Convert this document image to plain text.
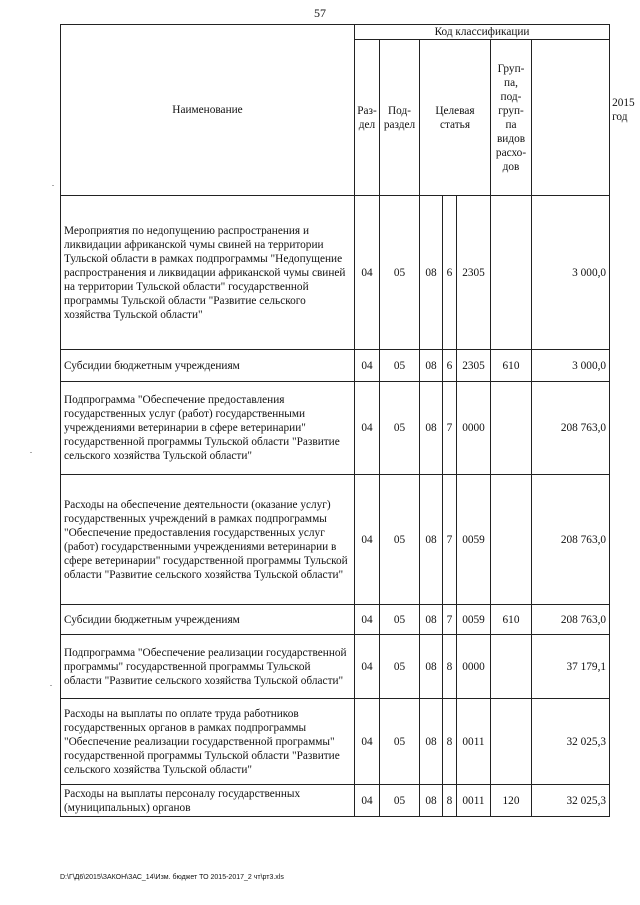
57
Наименование	Код классификации							2015 год
	Раз-дел	Под-раздел	Целевая статья			Груп-па, под-груп-па видов расхо-дов		
Мероприятия по недопущению распространения и ликвидации африканской чумы свиней на территории Тульской области в рамках подпрограммы "Недопущение распространения и ликвидации африканской чумы свиней на территории Тульской области" государственной программы Тульской области "Развитие сельского хозяйства Тульской области"	04	05	08	6	2305		3 000,0	
Субсидии бюджетным учреждениям	04	05	08	6	2305	610	3 000,0	
Подпрограмма "Обеспечение предоставления государственных услуг (работ) государственными учреждениями ветеринарии в сфере ветеринарии" государственной программы Тульской области "Развитие сельского хозяйства Тульской области"	04	05	08	7	0000		208 763,0	
Расходы на обеспечение деятельности (оказание услуг) государственных учреждений в рамках подпрограммы "Обеспечение предоставления государственных услуг (работ) государственными учреждениями ветеринарии в сфере ветеринарии" государственной программы Тульской области "Развитие сельского хозяйства Тульской области"	04	05	08	7	0059		208 763,0	
Субсидии бюджетным учреждениям	04	05	08	7	0059	610	208 763,0	
Подпрограмма "Обеспечение реализации государственной программы" государственной программы Тульской области "Развитие сельского хозяйства Тульской области"	04	05	08	8	0000		37 179,1	
Расходы на выплаты по оплате труда работников государственных органов в рамках подпрограммы "Обеспечение реализации государственной программы" государственной программы Тульской области "Развитие сельского хозяйства Тульской области"	04	05	08	8	0011		32 025,3	
Расходы на выплаты персоналу государственных (муниципальных) органов	04	05	08	8	0011	120	32 025,3	
D:\Г\Д6\2015\ЗАКОН\ЗАС_14\Изм. бюджет ТО 2015-2017_2 чт\рт3.xls
